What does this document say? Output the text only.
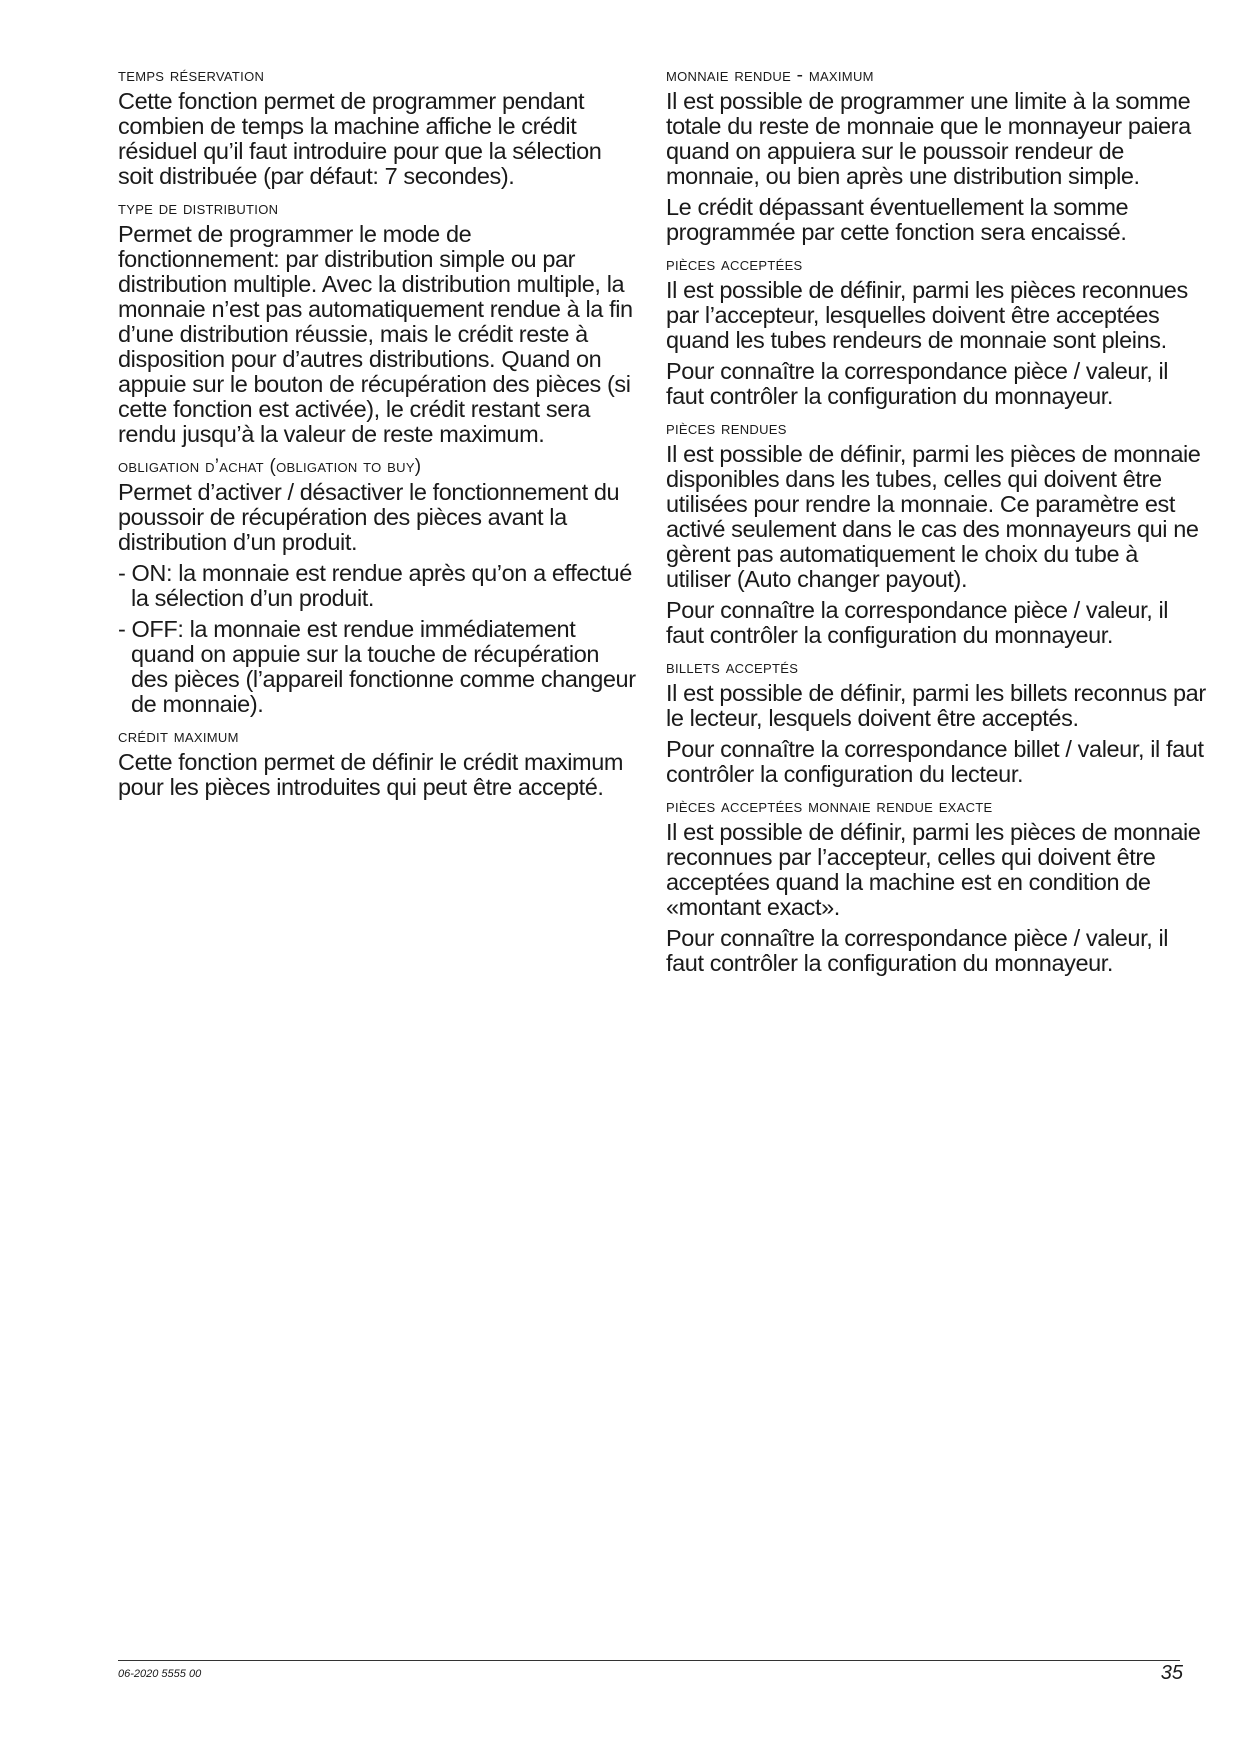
temps réservation

Cette fonction permet de programmer pendant combien de temps la machine affiche le crédit résiduel qu’il faut introduire pour que la sélection soit distribuée (par défaut: 7 secondes).

type de distribution

Permet de programmer le mode de fonctionnement: par distribution simple ou par distribution multiple. Avec la distribution multiple, la monnaie n’est pas automatiquement rendue à la fin d’une distribution réussie, mais le crédit reste à disposition pour d’autres distributions. Quand on appuie sur le bouton de récupération des pièces (si cette fonction est activée), le crédit restant sera rendu jusqu’à la valeur de reste maximum.

obligation d’achat (obligation to buy)

Permet d’activer / désactiver le fonctionnement du poussoir de récupération des pièces avant la distribution d’un produit.

- ON: la monnaie est rendue après qu’on a effectué la sélection d’un produit.
- OFF: la monnaie est rendue immédiatement quand on appuie sur la touche de récupération des pièces (l’appareil fonctionne comme changeur de monnaie).
crédit maximum

Cette fonction permet de définir le crédit maximum pour les pièces introduites qui peut être accepté.

monnaie rendue - maximum

Il est possible de programmer une limite à la somme totale du reste de monnaie que le monnayeur paiera quand on appuiera sur le poussoir rendeur de monnaie, ou bien après une distribution simple.

Le crédit dépassant éventuellement la somme programmée par cette fonction sera encaissé.

pièces acceptées

Il est possible de définir, parmi les pièces reconnues par l’accepteur, lesquelles doivent être acceptées quand les tubes rendeurs de monnaie sont pleins.

Pour connaître la correspondance pièce / valeur, il faut contrôler la configuration du monnayeur.

pièces rendues

Il est possible de définir, parmi les pièces de monnaie disponibles dans les tubes, celles qui doivent être utilisées pour rendre la monnaie. Ce paramètre est activé seulement dans le cas des monnayeurs qui ne gèrent pas automatiquement le choix du tube à utiliser (Auto changer payout).

Pour connaître la correspondance pièce / valeur, il faut contrôler la configuration du monnayeur.

billets acceptés

Il est possible de définir, parmi les billets reconnus par le lecteur, lesquels doivent être acceptés.

Pour connaître la correspondance billet / valeur, il faut contrôler la configuration du lecteur.

pièces acceptées monnaie rendue exacte

Il est possible de définir, parmi les pièces de monnaie reconnues par l’accepteur, celles qui doivent être acceptées quand la machine est en condition de «montant exact».

Pour connaître la correspondance pièce / valeur, il faut contrôler la configuration du monnayeur.

06-2020 5555 00	35
